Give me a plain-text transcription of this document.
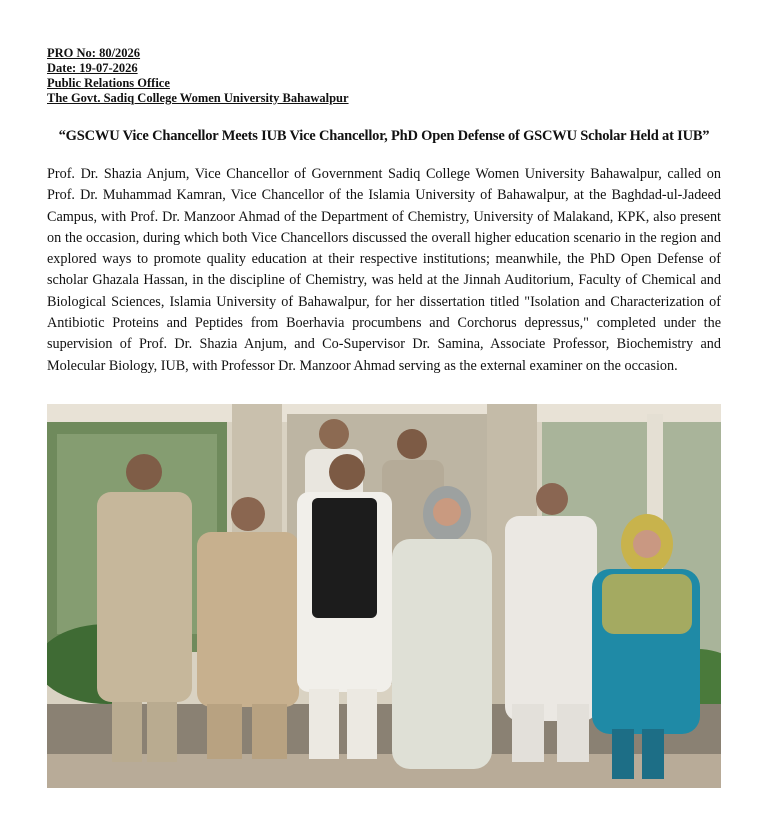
PRO No: 80/2026
Date: 19-07-2026
Public Relations Office
The Govt. Sadiq College Women University Bahawalpur
“GSCWU Vice Chancellor Meets IUB Vice Chancellor, PhD Open Defense of GSCWU Scholar Held at IUB”
Prof. Dr. Shazia Anjum, Vice Chancellor of Government Sadiq College Women University Bahawalpur, called on Prof. Dr. Muhammad Kamran, Vice Chancellor of the Islamia University of Bahawalpur, at the Baghdad-ul-Jadeed Campus, with Prof. Dr. Manzoor Ahmad of the Department of Chemistry, University of Malakand, KPK, also present on the occasion, during which both Vice Chancellors discussed the overall higher education scenario in the region and explored ways to promote quality education at their respective institutions; meanwhile, the PhD Open Defense of scholar Ghazala Hassan, in the discipline of Chemistry, was held at the Jinnah Auditorium, Faculty of Chemical and Biological Sciences, Islamia University of Bahawalpur, for her dissertation titled "Isolation and Characterization of Antibiotic Proteins and Peptides from Boerhavia procumbens and Corchorus depressus," completed under the supervision of Prof. Dr. Shazia Anjum, and Co-Supervisor Dr. Samina, Associate Professor, Biochemistry and Molecular Biology, IUB, with Professor Dr. Manzoor Ahmad serving as the external examiner on the occasion.
